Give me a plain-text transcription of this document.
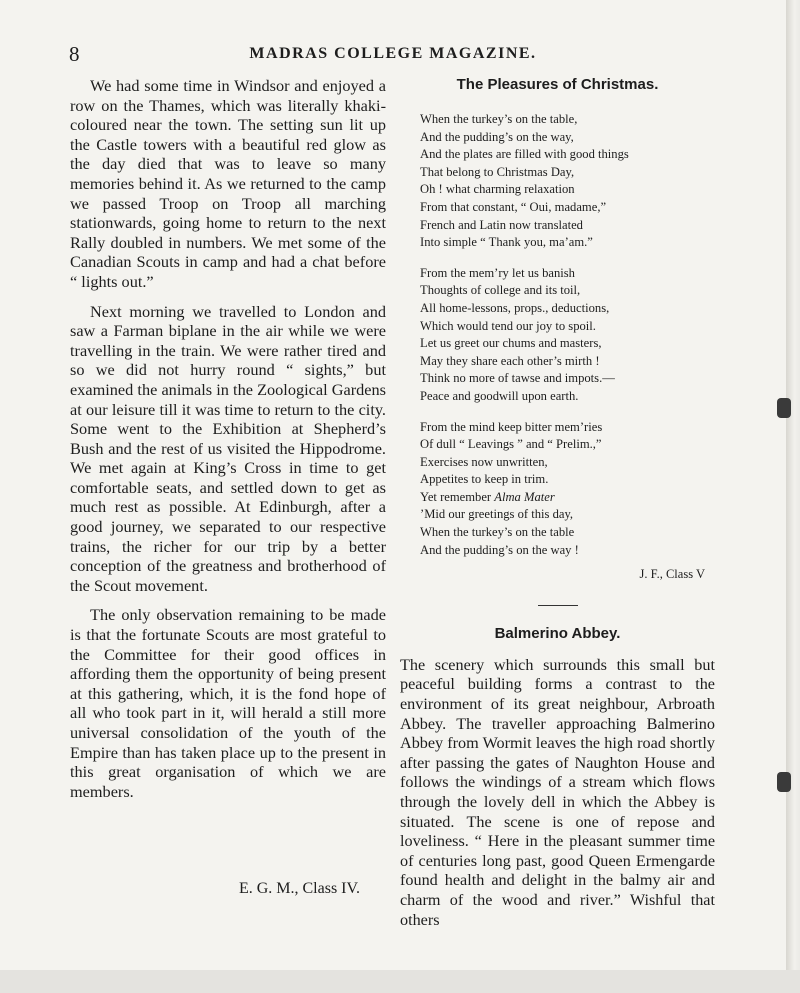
8	MADRAS COLLEGE MAGAZINE.

We had some time in Windsor and enjoyed a row on the Thames, which was literally khaki-coloured near the town. The setting sun lit up the Castle towers with a beautiful red glow as the day died that was to leave so many memories behind it. As we returned to the camp we passed Troop on Troop all marching stationwards, going home to return to the next Rally doubled in numbers. We met some of the Canadian Scouts in camp and had a chat before “ lights out.”

Next morning we travelled to London and saw a Farman biplane in the air while we were travelling in the train. We were rather tired and so we did not hurry round “ sights,” but examined the animals in the Zoological Gardens at our leisure till it was time to return to the city. Some went to the Exhibition at Shepherd’s Bush and the rest of us visited the Hippodrome. We met again at King’s Cross in time to get comfortable seats, and settled down to get as much rest as possible. At Edinburgh, after a good journey, we separated to our respective trains, the richer for our trip by a better conception of the greatness and brotherhood of the Scout movement.

The only observation remaining to be made is that the fortunate Scouts are most grateful to the Committee for their good offices in affording them the opportunity of being present at this gathering, which, it is the fond hope of all who took part in it, will herald a still more universal consolidation of the youth of the Empire than has taken place up to the present in this great organisation of which we are members.

E. G. M., Class IV.
The Pleasures of Christmas.
When the turkey’s on the table,
And the pudding’s on the way,
And the plates are filled with good things
That belong to Christmas Day,
Oh ! what charming relaxation
From that constant, “ Oui, madame,”
French and Latin now translated
Into simple “ Thank you, ma’am.”
From the mem’ry let us banish
Thoughts of college and its toil,
All home-lessons, props., deductions,
Which would tend our joy to spoil.
Let us greet our chums and masters,
May they share each other’s mirth !
Think no more of tawse and impots.—
Peace and goodwill upon earth.
From the mind keep bitter mem’ries
Of dull “ Leavings ” and “ Prelim.,”
Exercises now unwritten,
Appetites to keep in trim.
Yet remember Alma Mater
’Mid our greetings of this day,
When the turkey’s on the table
And the pudding’s on the way !
J. F., Class V
Balmerino Abbey.

The scenery which surrounds this small but peaceful building forms a contrast to the environment of its great neighbour, Arbroath Abbey. The traveller approaching Balmerino Abbey from Wormit leaves the high road shortly after passing the gates of Naughton House and follows the windings of a stream which flows through the lovely dell in which the Abbey is situated. The scene is one of repose and loveliness. “ Here in the pleasant summer time of centuries long past, good Queen Ermengarde found health and delight in the balmy air and charm of the wood and river.” Wishful that others
